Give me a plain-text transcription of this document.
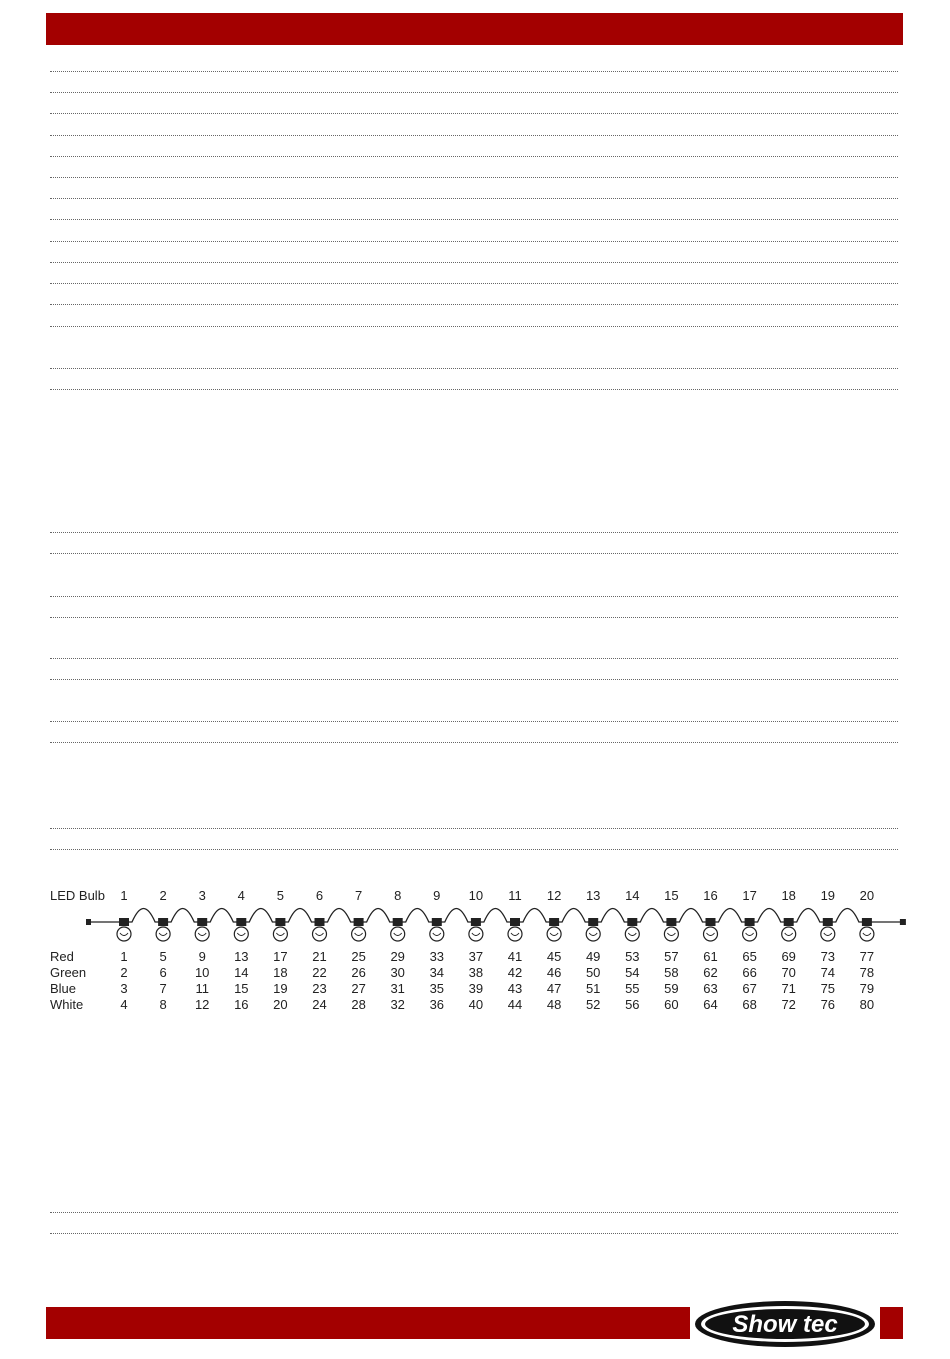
LED Bulb	1	2	3	4	5	6	7	8	9	10	11	12	13	14	15	16	17	18	19	20
Red	1	5	9	13	17	21	25	29	33	37	41	45	49	53	57	61	65	69	73	77
Green	2	6	10	14	18	22	26	30	34	38	42	46	50	54	58	62	66	70	74	78
Blue	3	7	11	15	19	23	27	31	35	39	43	47	51	55	59	63	67	71	75	79
White	4	8	12	16	20	24	28	32	36	40	44	48	52	56	60	64	68	72	76	80
Show tec
